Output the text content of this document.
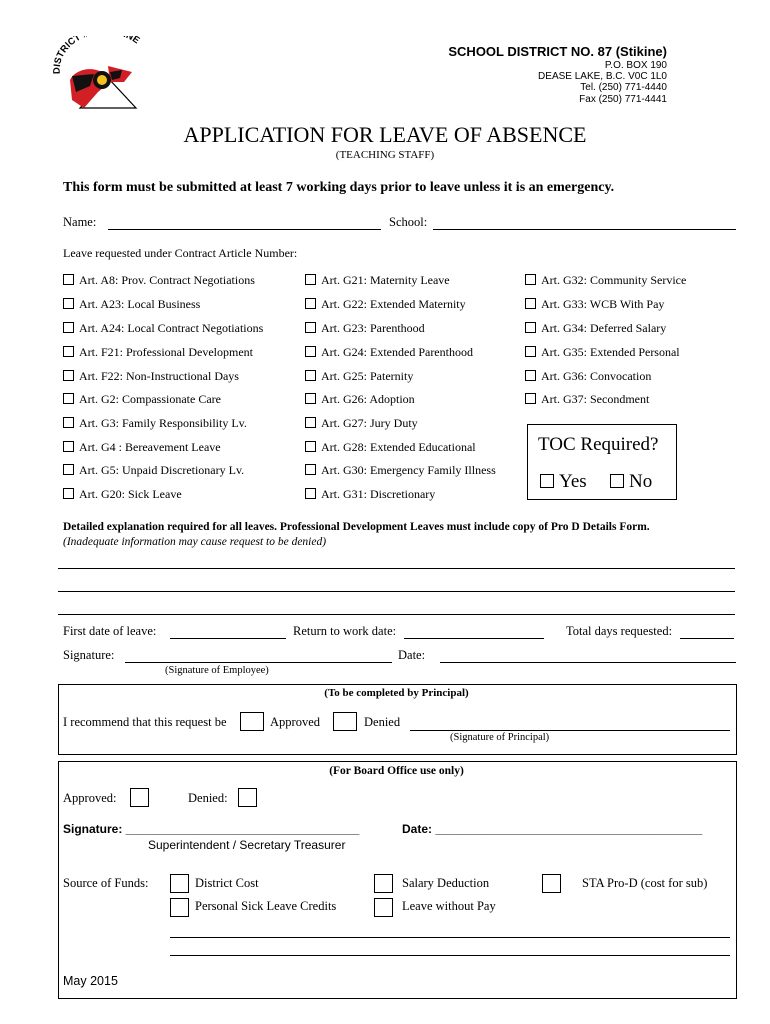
DISTRICT NE
SCHOOL DISTRICT NO. 87 (Stikine)
P.O. BOX 190
DEASE LAKE, B.C. V0C 1L0
Tel. (250) 771-4440
Fax (250) 771-4441
APPLICATION FOR LEAVE OF ABSENCE
(TEACHING STAFF)
This form must be submitted at least 7 working days prior to leave unless it is an emergency.
Name:	School:
Leave requested under Contract Article Number:
Art. A8: Prov. Contract Negotiations
Art. A23: Local Business
Art. A24: Local Contract Negotiations
Art. F21: Professional Development
Art. F22: Non-Instructional Days
Art. G2: Compassionate Care
Art. G3: Family Responsibility Lv.
Art. G4 : Bereavement Leave
Art. G5: Unpaid Discretionary Lv.
Art. G20: Sick Leave
Art. G21: Maternity Leave
Art. G22: Extended Maternity
Art. G23: Parenthood
Art. G24: Extended Parenthood
Art. G25: Paternity
Art. G26: Adoption
Art. G27: Jury Duty
Art. G28: Extended Educational
Art. G30: Emergency Family Illness
Art. G31: Discretionary
Art. G32: Community Service
Art. G33: WCB With Pay
Art. G34: Deferred Salary
Art. G35: Extended Personal
Art. G36: Convocation
Art. G37: Secondment
TOC Required?
Yes	No
Detailed explanation required for all leaves. Professional Development Leaves must include copy of Pro D Details Form.
(Inadequate information may cause request to be denied)
First date of leave:	Return to work date:	Total days requested:
Signature:	Date:
(Signature of Employee)
(To be completed by Principal)
I recommend that this request be	Approved	Denied
(Signature of Principal)
(For Board Office use only)
Approved:	Denied:
Signature: ___________________________________	Date: ________________________________________
Superintendent / Secretary Treasurer
Source of Funds:	District Cost	Salary Deduction	STA Pro-D (cost for sub)
Personal Sick Leave Credits	Leave without Pay
May 2015
